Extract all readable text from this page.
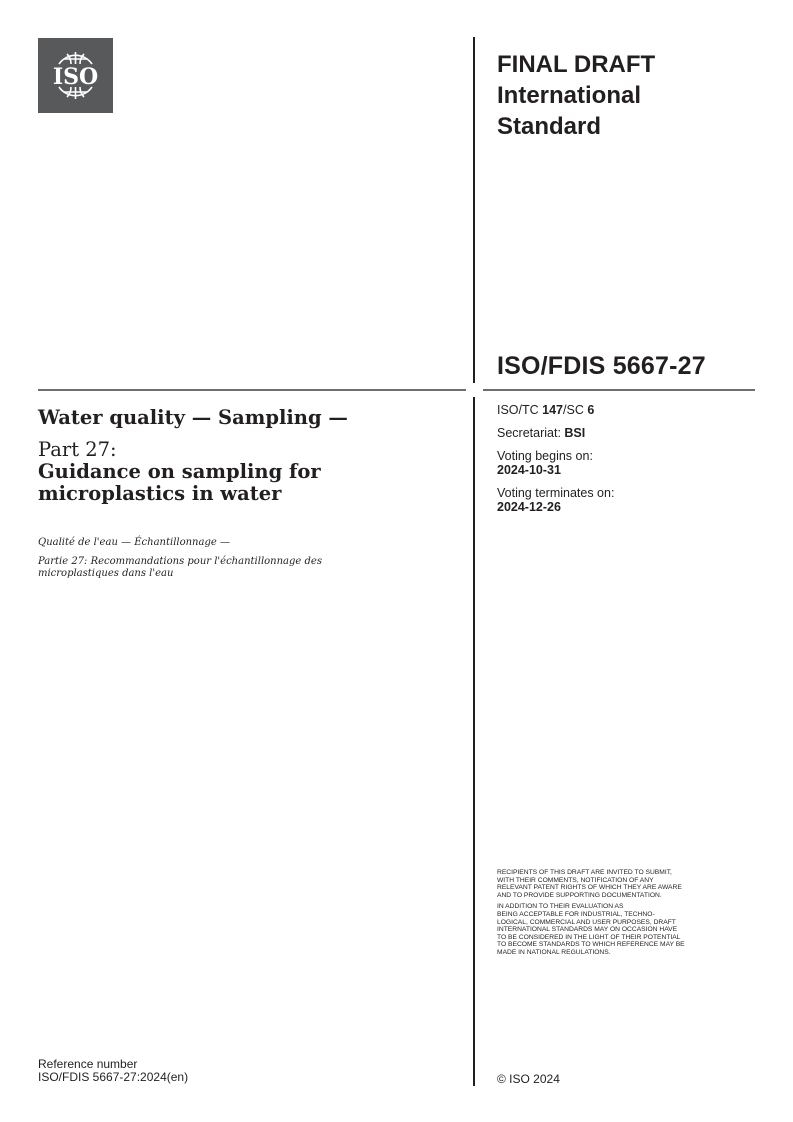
ISO	FINAL DRAFT
International
Standard
ISO/FDIS 5667-27
ISO/TC 147/SC 6
Secretariat: BSI
Voting begins on:
2024-10-31
Voting terminates on:
2024-12-26
Water quality — Sampling —
Part 27:
Guidance on sampling for
microplastics in water
Qualité de l'eau — Échantillonnage —
Partie 27: Recommandations pour l'échantillonnage des
microplastiques dans l'eau

RECIPIENTS OF THIS DRAFT ARE INVITED TO SUBMIT,
WITH THEIR COMMENTS, NOTIFICATION OF ANY
RELEVANT PATENT RIGHTS OF WHICH THEY ARE AWARE
AND TO PROVIDE SUPPORTING DOCUMENTATION.

IN ADDITION TO THEIR EVALUATION AS
BEING ACCEPTABLE FOR INDUSTRIAL, TECHNO-
LOGICAL, COMMERCIAL AND USER PURPOSES, DRAFT
INTERNATIONAL STANDARDS MAY ON OCCASION HAVE
TO BE CONSIDERED IN THE LIGHT OF THEIR POTENTIAL
TO BECOME STANDARDS TO WHICH REFERENCE MAY BE
MADE IN NATIONAL REGULATIONS.

Reference number
ISO/FDIS 5667-27:2024(en)	© ISO 2024
